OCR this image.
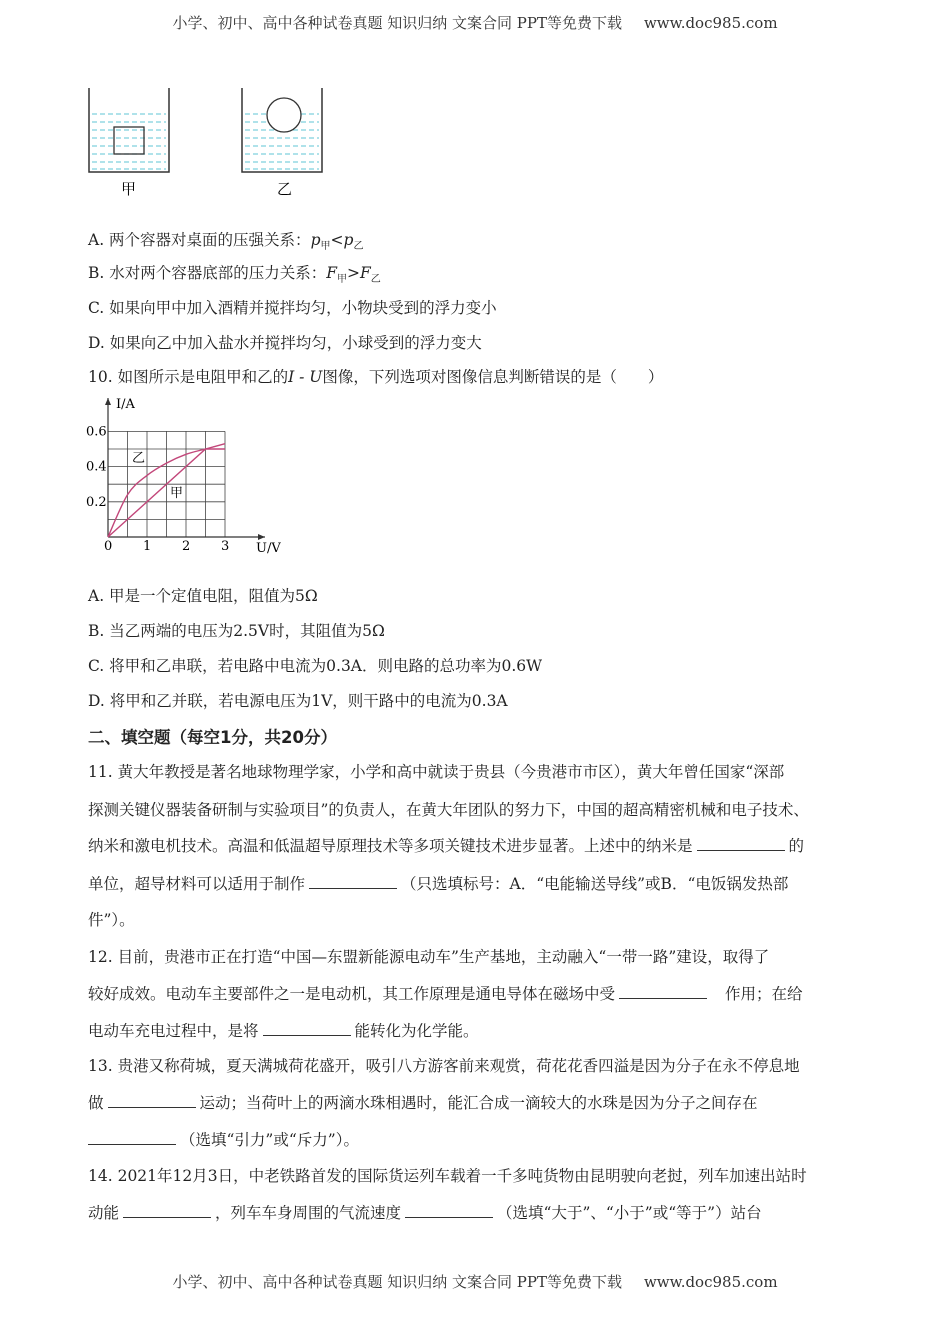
小学、初中、高中各种试卷真题 知识归纳 文案合同 PPT等免费下载 www.doc985.com
甲	乙
A. 两个容器对桌面的压强关系：$p_甲<p_乙$
B. 水对两个容器底部的压力关系：$F_甲>F_乙$
C. 如果向甲中加入酒精并搅拌均匀，小物块受到的浮力变小
D. 如果向乙中加入盐水并搅拌均匀，小球受到的浮力变大
10. 如图所示是电阻甲和乙的I - U图像，下列选项对图像信息判断错误的是（　　）
0 1 2 3
0.2
0.4
0.6
I/A
U/V
乙
甲
A. 甲是一个定值电阻，阻值为5Ω
B. 当乙两端的电压为2.5V时，其阻值为5Ω
C. 将甲和乙串联，若电路中电流为0.3A．则电路的总功率为0.6W
D. 将甲和乙并联，若电源电压为1V，则干路中的电流为0.3A
二、填空题（每空1分，共20分）
11. 黄大年教授是著名地球物理学家，小学和高中就读于贵县（今贵港市市区），黄大年曾任国家“深部
探测关键仪器装备研制与实验项目”的负责人，在黄大年团队的努力下，中国的超高精密机械和电子技术、
纳米和激电机技术。高温和低温超导原理技术等多项关键技术进步显著。上述中的纳米是	的
单位，超导材料可以适用于制作	（只选填标号：A．“电能输送导线”或B．“电饭锅发热部
件”）。
12. 目前，贵港市正在打造“中国—东盟新能源电动车”生产基地，主动融入“一带一路”建设，取得了
较好成效。电动车主要部件之一是电动机，其工作原理是通电导体在磁场中受	作用；在给
电动车充电过程中，是将	能转化为化学能。
13. 贵港又称荷城，夏天满城荷花盛开，吸引八方游客前来观赏，荷花花香四溢是因为分子在永不停息地
做	运动；当荷叶上的两滴水珠相遇时，能汇合成一滴较大的水珠是因为分子之间存在
（选填“引力”或“斥力”）。
14. 2021年12月3日，中老铁路首发的国际货运列车载着一千多吨货物由昆明驶向老挝，列车加速出站时
动能	，列车车身周围的气流速度	（选填“大于”、“小于”或“等于”）站台
小学、初中、高中各种试卷真题 知识归纳 文案合同 PPT等免费下载 www.doc985.com
